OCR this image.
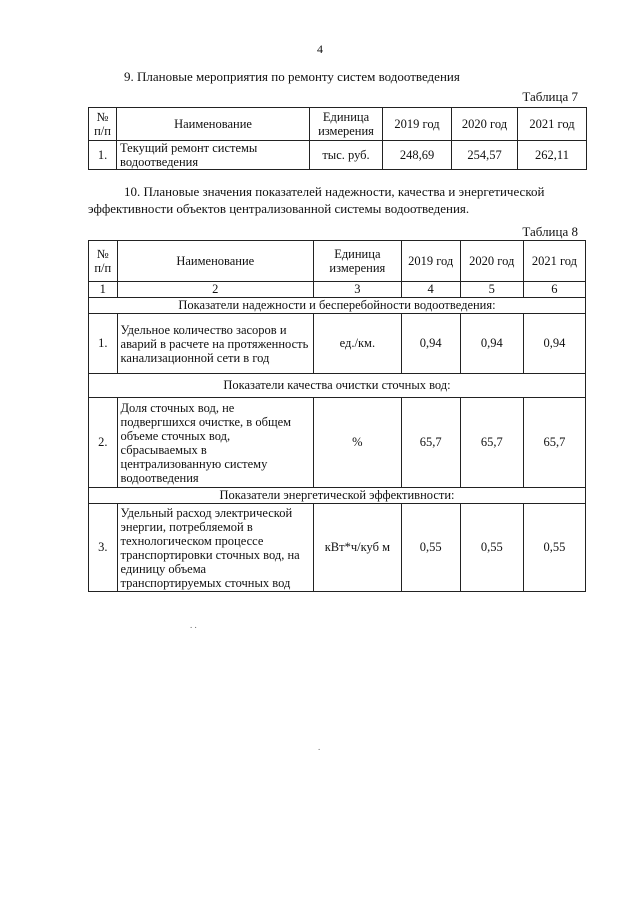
4
9. Плановые мероприятия по ремонту систем водоотведения
Таблица 7
№ п/п	Наименование	Единица измерения	2019 год	2020 год	2021 год
1.	Текущий ремонт системы водоотведения	тыс. руб.	248,69	254,57	262,11
10. Плановые значения показателей надежности, качества и энергетической
эффективности объектов централизованной системы водоотведения.
Таблица 8
№ п/п	Наименование	Единица измерения	2019 год	2020 год	2021 год
1	2	3	4	5	6
Показатели надежности и бесперебойности водоотведения:					
1.	Удельное количество засоров и аварий в расчете на протяженность канализационной сети в год	ед./км.	0,94	0,94	0,94
Показатели качества очистки сточных вод:					
2.	Доля сточных вод, не подвергшихся очистке, в общем объеме сточных вод, сбрасываемых в централизованную систему водоотведения	%	65,7	65,7	65,7
Показатели энергетической эффективности:					
3.	Удельный расход электрической энергии, потребляемой в технологическом процессе транспортировки сточных вод, на единицу объема транспортируемых сточных вод	кВт*ч/куб м	0,55	0,55	0,55
. .
.
